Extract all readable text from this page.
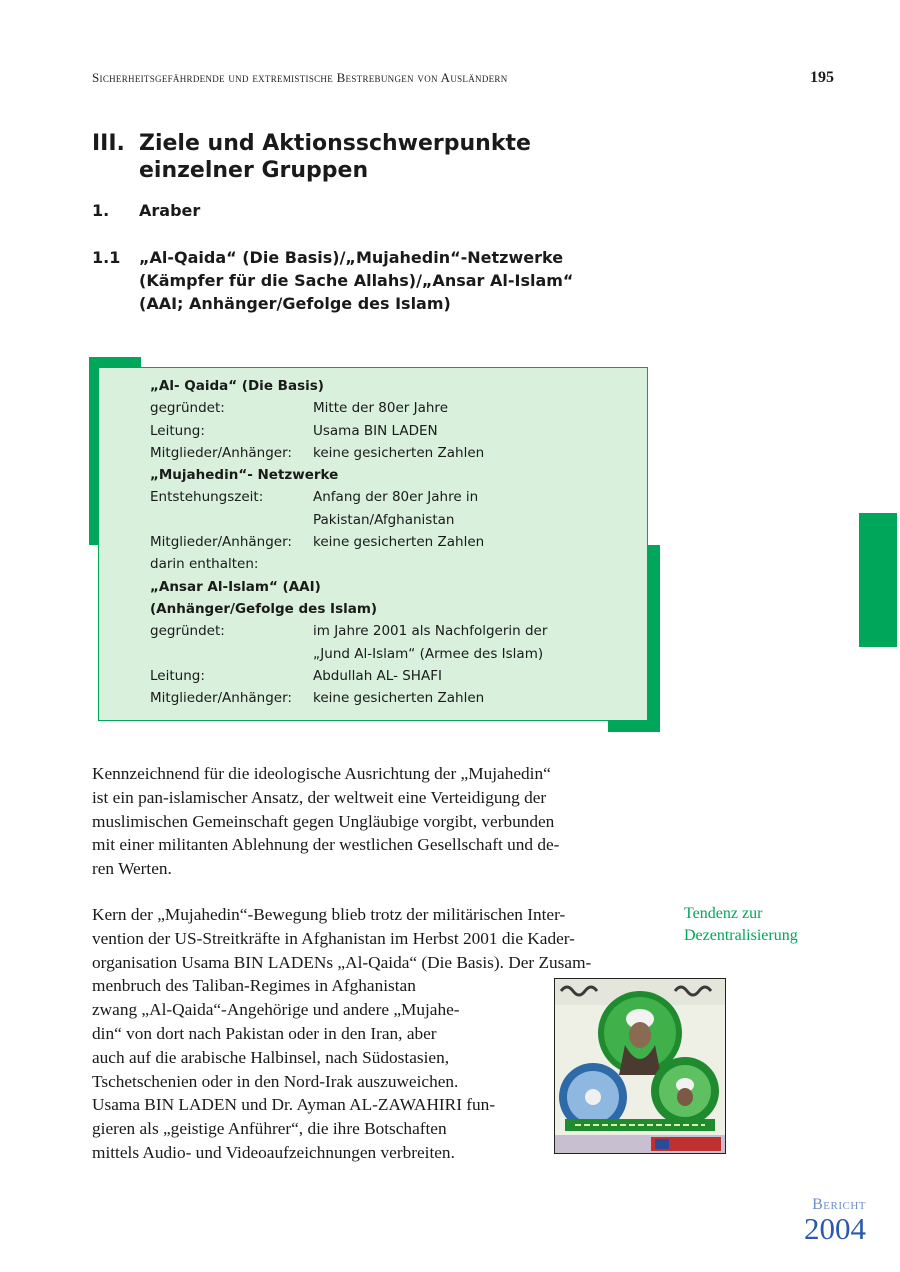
Sicherheitsgefährdende und extremistische Bestrebungen von Ausländern	195
III. Ziele und Aktionsschwerpunkte
einzelner Gruppen
1. Araber
1.1 „Al-Qaida“ (Die Basis)/„Mujahedin“-Netzwerke
(Kämpfer für die Sache Allahs)/„Ansar Al-Islam“
(AAI; Anhänger/Gefolge des Islam)
„Al- Qaida“ (Die Basis)
gegründet:	Mitte der 80er Jahre
Leitung:	Usama BIN LADEN
Mitglieder/Anhänger: keine gesicherten Zahlen
„Mujahedin“- Netzwerke
Entstehungszeit:	Anfang der 80er Jahre in
Pakistan/Afghanistan
Mitglieder/Anhänger: keine gesicherten Zahlen
darin enthalten:
„Ansar Al-Islam“ (AAI)
(Anhänger/Gefolge des Islam)
gegründet:	im Jahre 2001 als Nachfolgerin der
„Jund Al-Islam“ (Armee des Islam)
Leitung:	Abdullah AL- SHAFI
Mitglieder/Anhänger: keine gesicherten Zahlen
Kennzeichnend für die ideologische Ausrichtung der „Mujahedin“
ist ein pan-islamischer Ansatz, der weltweit eine Verteidigung der
muslimischen Gemeinschaft gegen Ungläubige vorgibt, verbunden
mit einer militanten Ablehnung der westlichen Gesellschaft und de-
ren Werten.
Kern der „Mujahedin“-Bewegung blieb trotz der militärischen Inter-
vention der US-Streitkräfte in Afghanistan im Herbst 2001 die Kader-
organisation Usama BIN LADENs „Al-Qaida“ (Die Basis). Der Zusam-
menbruch des Taliban-Regimes in Afghanistan
zwang „Al-Qaida“-Angehörige und andere „Mujahe-
din“ von dort nach Pakistan oder in den Iran, aber
auch auf die arabische Halbinsel, nach Südostasien,
Tschetschenien oder in den Nord-Irak auszuweichen.
Usama BIN LADEN und Dr. Ayman AL-ZAWAHIRI fun-
gieren als „geistige Anführer“, die ihre Botschaften
mittels Audio- und Videoaufzeichnungen verbreiten.
Tendenz zur
Dezentralisierung
Bericht
2004
